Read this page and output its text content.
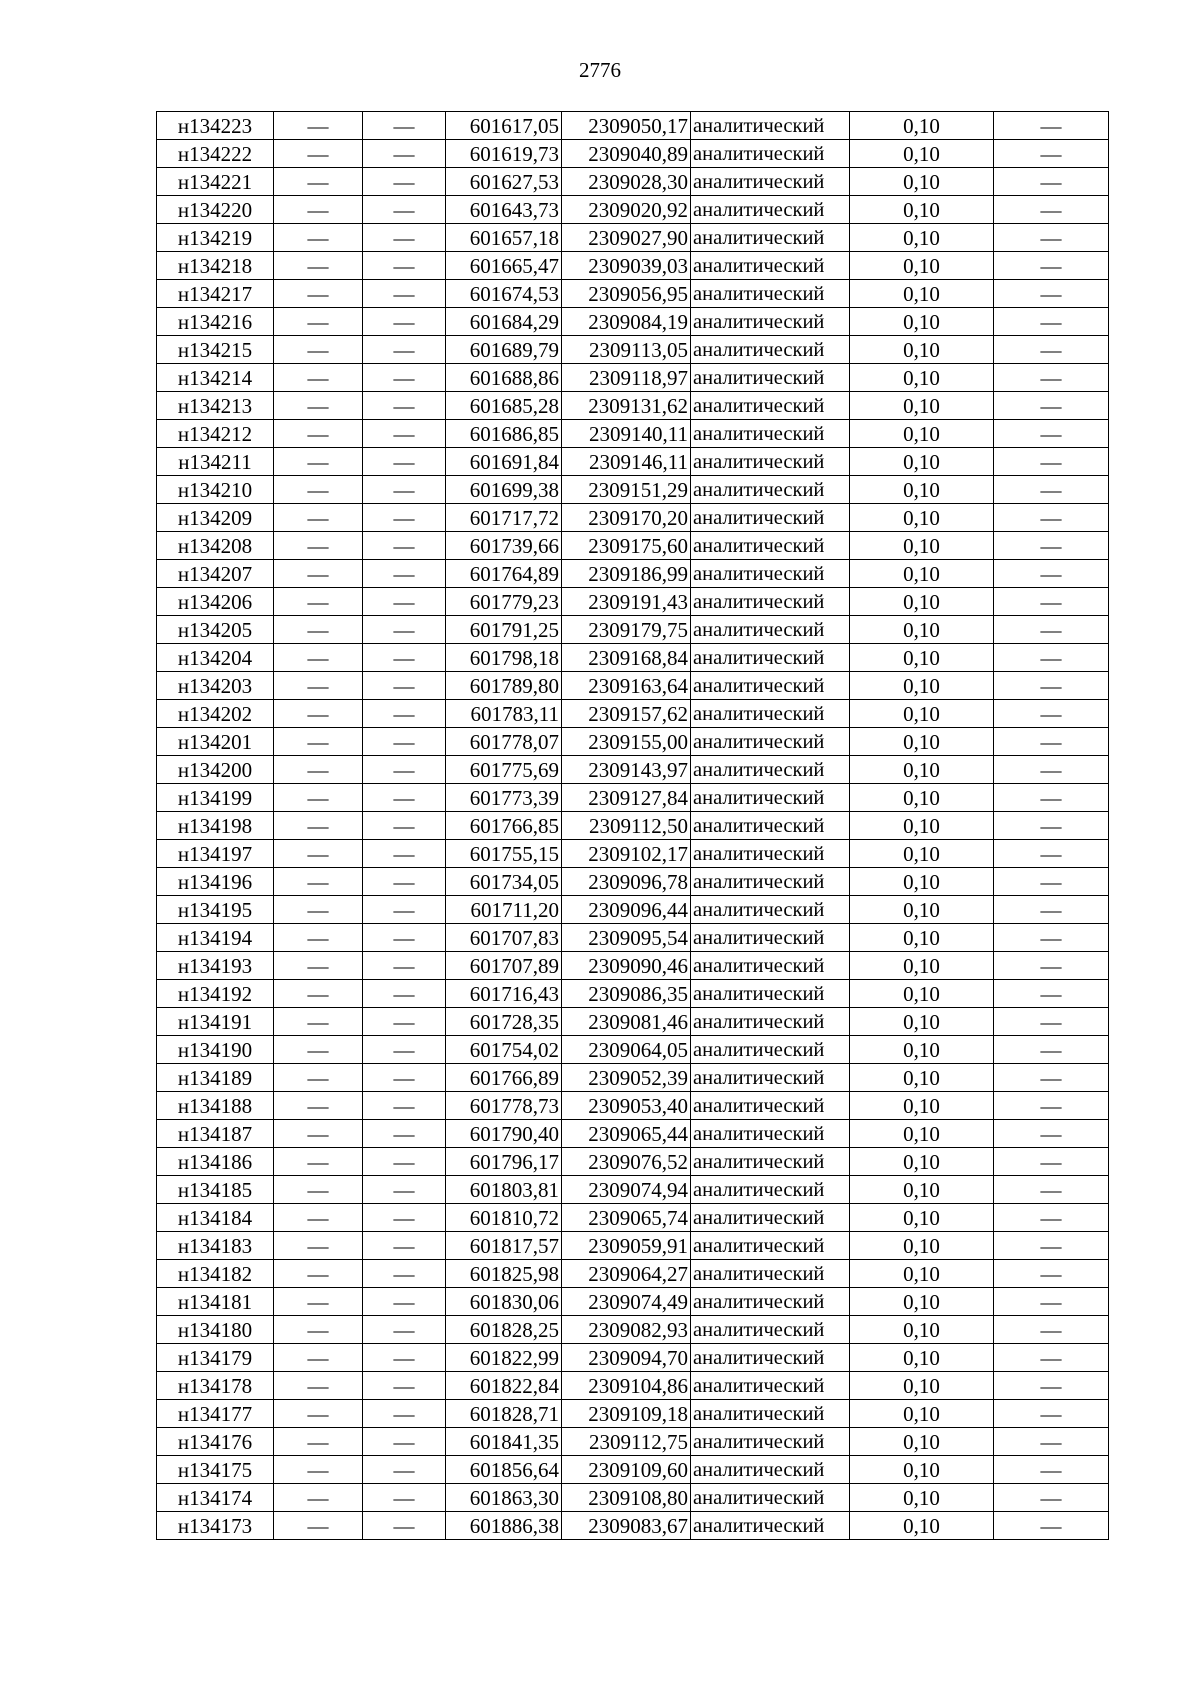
2776
н134223	—	—	601617,05	2309050,17	аналитический	0,10	—
н134222	—	—	601619,73	2309040,89	аналитический	0,10	—
н134221	—	—	601627,53	2309028,30	аналитический	0,10	—
н134220	—	—	601643,73	2309020,92	аналитический	0,10	—
н134219	—	—	601657,18	2309027,90	аналитический	0,10	—
н134218	—	—	601665,47	2309039,03	аналитический	0,10	—
н134217	—	—	601674,53	2309056,95	аналитический	0,10	—
н134216	—	—	601684,29	2309084,19	аналитический	0,10	—
н134215	—	—	601689,79	2309113,05	аналитический	0,10	—
н134214	—	—	601688,86	2309118,97	аналитический	0,10	—
н134213	—	—	601685,28	2309131,62	аналитический	0,10	—
н134212	—	—	601686,85	2309140,11	аналитический	0,10	—
н134211	—	—	601691,84	2309146,11	аналитический	0,10	—
н134210	—	—	601699,38	2309151,29	аналитический	0,10	—
н134209	—	—	601717,72	2309170,20	аналитический	0,10	—
н134208	—	—	601739,66	2309175,60	аналитический	0,10	—
н134207	—	—	601764,89	2309186,99	аналитический	0,10	—
н134206	—	—	601779,23	2309191,43	аналитический	0,10	—
н134205	—	—	601791,25	2309179,75	аналитический	0,10	—
н134204	—	—	601798,18	2309168,84	аналитический	0,10	—
н134203	—	—	601789,80	2309163,64	аналитический	0,10	—
н134202	—	—	601783,11	2309157,62	аналитический	0,10	—
н134201	—	—	601778,07	2309155,00	аналитический	0,10	—
н134200	—	—	601775,69	2309143,97	аналитический	0,10	—
н134199	—	—	601773,39	2309127,84	аналитический	0,10	—
н134198	—	—	601766,85	2309112,50	аналитический	0,10	—
н134197	—	—	601755,15	2309102,17	аналитический	0,10	—
н134196	—	—	601734,05	2309096,78	аналитический	0,10	—
н134195	—	—	601711,20	2309096,44	аналитический	0,10	—
н134194	—	—	601707,83	2309095,54	аналитический	0,10	—
н134193	—	—	601707,89	2309090,46	аналитический	0,10	—
н134192	—	—	601716,43	2309086,35	аналитический	0,10	—
н134191	—	—	601728,35	2309081,46	аналитический	0,10	—
н134190	—	—	601754,02	2309064,05	аналитический	0,10	—
н134189	—	—	601766,89	2309052,39	аналитический	0,10	—
н134188	—	—	601778,73	2309053,40	аналитический	0,10	—
н134187	—	—	601790,40	2309065,44	аналитический	0,10	—
н134186	—	—	601796,17	2309076,52	аналитический	0,10	—
н134185	—	—	601803,81	2309074,94	аналитический	0,10	—
н134184	—	—	601810,72	2309065,74	аналитический	0,10	—
н134183	—	—	601817,57	2309059,91	аналитический	0,10	—
н134182	—	—	601825,98	2309064,27	аналитический	0,10	—
н134181	—	—	601830,06	2309074,49	аналитический	0,10	—
н134180	—	—	601828,25	2309082,93	аналитический	0,10	—
н134179	—	—	601822,99	2309094,70	аналитический	0,10	—
н134178	—	—	601822,84	2309104,86	аналитический	0,10	—
н134177	—	—	601828,71	2309109,18	аналитический	0,10	—
н134176	—	—	601841,35	2309112,75	аналитический	0,10	—
н134175	—	—	601856,64	2309109,60	аналитический	0,10	—
н134174	—	—	601863,30	2309108,80	аналитический	0,10	—
н134173	—	—	601886,38	2309083,67	аналитический	0,10	—
